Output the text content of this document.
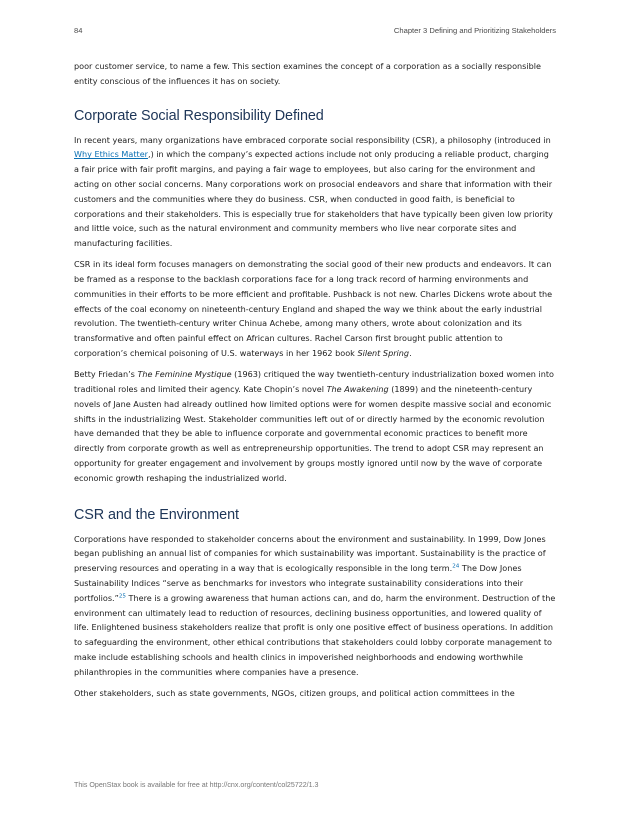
84	Chapter 3 Defining and Prioritizing Stakeholders

poor customer service, to name a few. This section examines the concept of a corporation as a socially responsible entity conscious of the influences it has on society.

Corporate Social Responsibility Defined

In recent years, many organizations have embraced corporate social responsibility (CSR), a philosophy (introduced in Why Ethics Matter,) in which the company’s expected actions include not only producing a reliable product, charging a fair price with fair profit margins, and paying a fair wage to employees, but also caring for the environment and acting on other social concerns. Many corporations work on prosocial endeavors and share that information with their customers and the communities where they do business. CSR, when conducted in good faith, is beneficial to corporations and their stakeholders. This is especially true for stakeholders that have typically been given low priority and little voice, such as the natural environment and community members who live near corporate sites and manufacturing facilities.

CSR in its ideal form focuses managers on demonstrating the social good of their new products and endeavors. It can be framed as a response to the backlash corporations face for a long track record of harming environments and communities in their efforts to be more efficient and profitable. Pushback is not new. Charles Dickens wrote about the effects of the coal economy on nineteenth-century England and shaped the way we think about the early industrial revolution. The twentieth-century writer Chinua Achebe, among many others, wrote about colonization and its transformative and often painful effect on African cultures. Rachel Carson first brought public attention to corporation’s chemical poisoning of U.S. waterways in her 1962 book Silent Spring.

Betty Friedan’s The Feminine Mystique (1963) critiqued the way twentieth-century industrialization boxed women into traditional roles and limited their agency. Kate Chopin’s novel The Awakening (1899) and the nineteenth-century novels of Jane Austen had already outlined how limited options were for women despite massive social and economic shifts in the industrializing West. Stakeholder communities left out of or directly harmed by the economic revolution have demanded that they be able to influence corporate and governmental economic practices to benefit more directly from corporate growth as well as entrepreneurship opportunities. The trend to adopt CSR may represent an opportunity for greater engagement and involvement by groups mostly ignored until now by the wave of corporate economic growth reshaping the industrialized world.

CSR and the Environment

Corporations have responded to stakeholder concerns about the environment and sustainability. In 1999, Dow Jones began publishing an annual list of companies for which sustainability was important. Sustainability is the practice of preserving resources and operating in a way that is ecologically responsible in the long term.$^{24}$ The Dow Jones Sustainability Indices “serve as benchmarks for investors who integrate sustainability considerations into their portfolios.”$^{25}$ There is a growing awareness that human actions can, and do, harm the environment. Destruction of the environment can ultimately lead to reduction of resources, declining business opportunities, and lowered quality of life. Enlightened business stakeholders realize that profit is only one positive effect of business operations. In addition to safeguarding the environment, other ethical contributions that stakeholders could lobby corporate management to make include establishing schools and health clinics in impoverished neighborhoods and endowing worthwhile philanthropies in the communities where companies have a presence.

Other stakeholders, such as state governments, NGOs, citizen groups, and political action committees in the

This OpenStax book is available for free at http://cnx.org/content/col25722/1.3
